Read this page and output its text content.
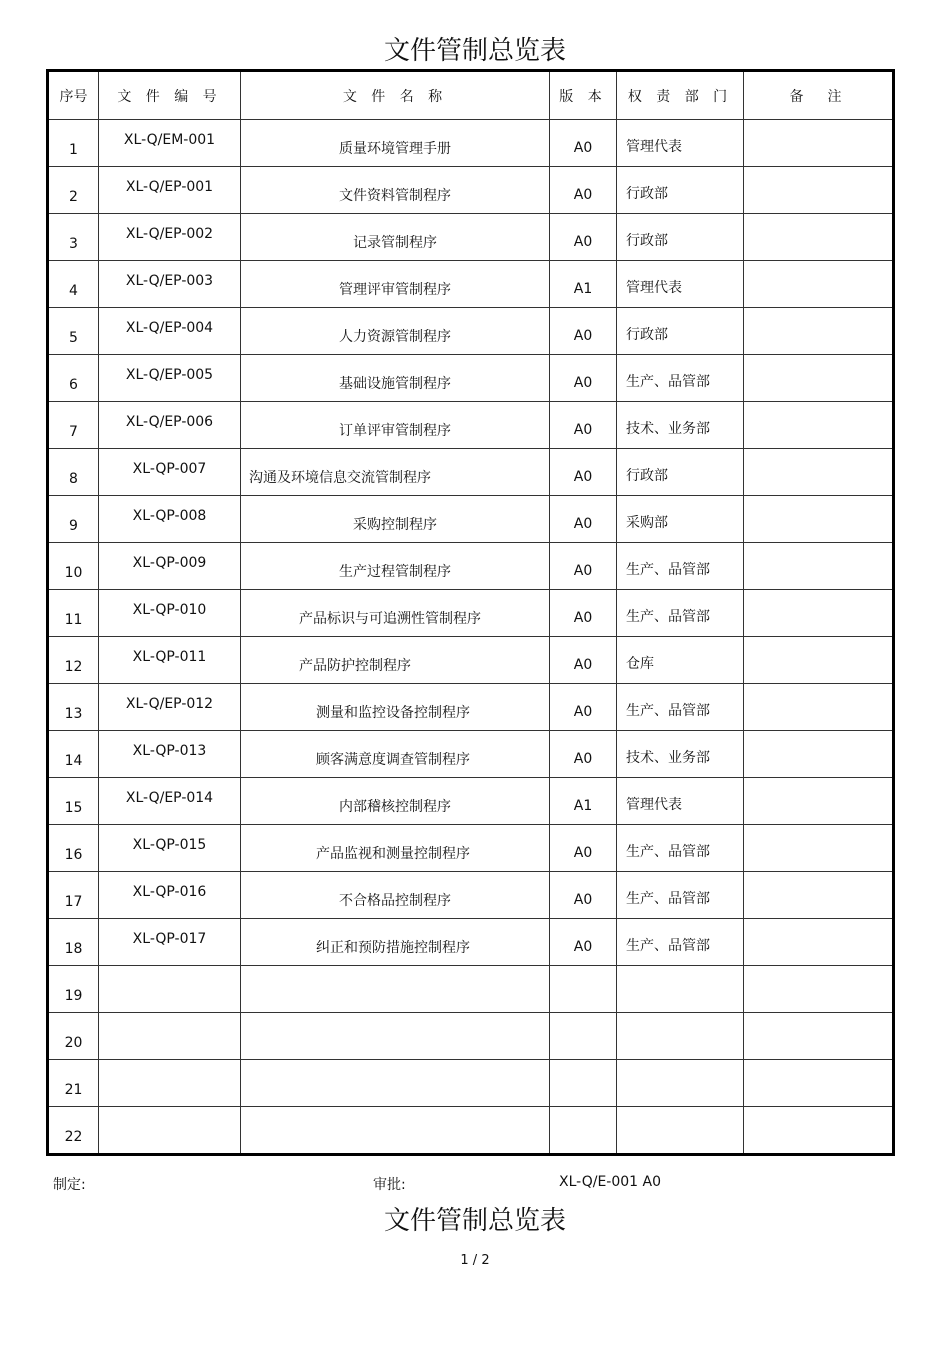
文件管制总览表
序号	文 件 编 号	文 件 名 称	版 本	权 责 部 门	备　注

1	XL-Q/EM-001	质量环境管理手册	A0	管理代表	

2	XL-Q/EP-001	文件资料管制程序	A0	行政部	

3	XL-Q/EP-002	记录管制程序	A0	行政部	

4	XL-Q/EP-003	管理评审管制程序	A1	管理代表	

5	XL-Q/EP-004	人力资源管制程序	A0	行政部	

6	XL-Q/EP-005	基础设施管制程序	A0	生产、品管部	

7	XL-Q/EP-006	订单评审管制程序	A0	技术、业务部	

8	XL-QP-007	沟通及环境信息交流管制程序	A0	行政部	

9	XL-QP-008	采购控制程序	A0	采购部	

10	XL-QP-009	生产过程管制程序	A0	生产、品管部	

11	XL-QP-010	产品标识与可追溯性管制程序	A0	生产、品管部	

12	XL-QP-011	产品防护控制程序	A0	仓库	

13	XL-Q/EP-012	测量和监控设备控制程序	A0	生产、品管部	

14	XL-QP-013	顾客满意度调查管制程序	A0	技术、业务部	

15	XL-Q/EP-014	内部稽核控制程序	A1	管理代表	

16	XL-QP-015	产品监视和测量控制程序	A0	生产、品管部	

17	XL-QP-016	不合格品控制程序	A0	生产、品管部	

18	XL-QP-017	纠正和预防措施控制程序	A0	生产、品管部	

19					

20					

21					

22					

制定:	审批:	XL-Q/E-001 A0
文件管制总览表
1 / 2
